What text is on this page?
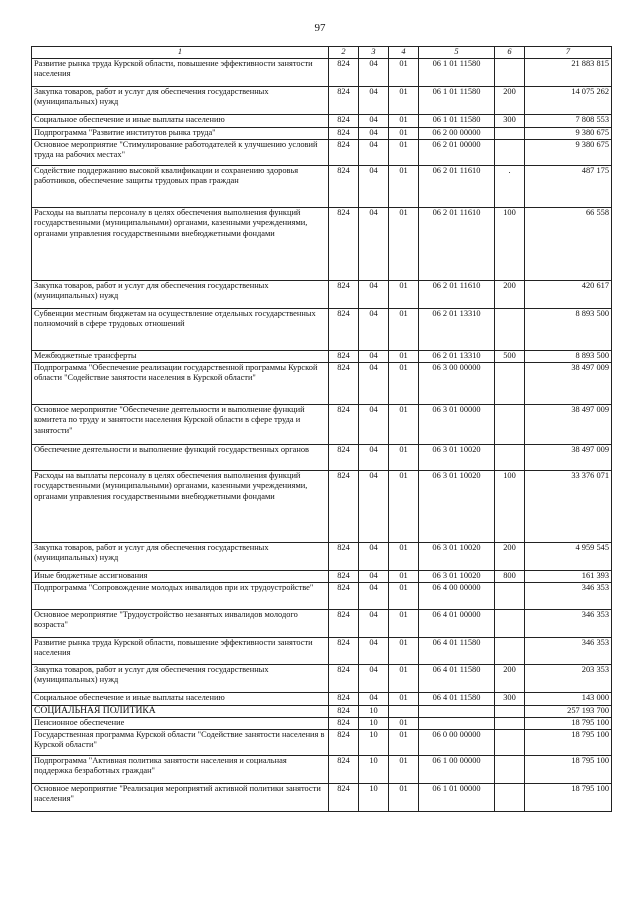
97
1	2	3	4	5	6	7
Развитие рынка труда Курской области, повышение эффективности занятости населения	824	04	01	06 1 01 11580		21 883 815
Закупка товаров, работ и услуг для обеспечения государственных (муниципальных) нужд	824	04	01	06 1 01 11580	200	14 075 262
Социальное обеспечение и иные выплаты населению	824	04	01	06 1 01 11580	300	7 808 553
Подпрограмма "Развитие институтов рынка труда"	824	04	01	06 2 00 00000		9 380 675
Основное мероприятие "Стимулирование работодателей к улучшению условий труда на рабочих местах"	824	04	01	06 2 01 00000		9 380 675
Содействие поддержанию высокой квалификации и сохранению здоровья работников, обеспечение защиты трудовых прав граждан	824	04	01	06 2 01 11610	.	487 175
Расходы на выплаты персоналу в целях обеспечения выполнения функций государственными (муниципальными) органами, казенными учреждениями, органами управления государственными внебюджетными фондами	824	04	01	06 2 01 11610	100	66 558
Закупка товаров, работ и услуг для обеспечения государственных (муниципальных) нужд	824	04	01	06 2 01 11610	200	420 617
Субвенции местным бюджетам на осуществление отдельных государственных полномочий в сфере трудовых отношений	824	04	01	06 2 01 13310		8 893 500
Межбюджетные трансферты	824	04	01	06 2 01 13310	500	8 893 500
Подпрограмма "Обеспечение реализации государственной программы Курской области "Содействие занятости населения в Курской области"	824	04	01	06 3 00 00000		38 497 009
Основное мероприятие "Обеспечение деятельности и выполнение функций комитета по труду и занятости населения Курской области в сфере труда и занятости"	824	04	01	06 3 01 00000		38 497 009
Обеспечение деятельности и выполнение функций государственных органов	824	04	01	06 3 01 10020		38 497 009
Расходы на выплаты персоналу в целях обеспечения выполнения функций государственными (муниципальными) органами, казенными учреждениями, органами управления государственными внебюджетными фондами	824	04	01	06 3 01 10020	100	33 376 071
Закупка товаров, работ и услуг для обеспечения государственных (муниципальных) нужд	824	04	01	06 3 01 10020	200	4 959 545
Иные бюджетные ассигнования	824	04	01	06 3 01 10020	800	161 393
Подпрограмма "Сопровождение молодых инвалидов при их трудоустройстве"	824	04	01	06 4 00 00000		346 353
Основное мероприятие "Трудоустройство незанятых инвалидов молодого возраста"	824	04	01	06 4 01 00000		346 353
Развитие рынка труда Курской области, повышение эффективности занятости населения	824	04	01	06 4 01 11580		346 353
Закупка товаров, работ и услуг для обеспечения государственных (муниципальных) нужд	824	04	01	06 4 01 11580	200	203 353
Социальное обеспечение и иные выплаты населению	824	04	01	06 4 01 11580	300	143 000
СОЦИАЛЬНАЯ ПОЛИТИКА	824	10				257 193 700
Пенсионное обеспечение	824	10	01			18 795 100
Государственная программа Курской области "Содействие занятости населения в Курской области"	824	10	01	06 0 00 00000		18 795 100
Подпрограмма "Активная политика занятости населения и социальная поддержка безработных граждан"	824	10	01	06 1 00 00000		18 795 100
Основное мероприятие "Реализация мероприятий активной политики занятости населения"	824	10	01	06 1 01 00000		18 795 100
